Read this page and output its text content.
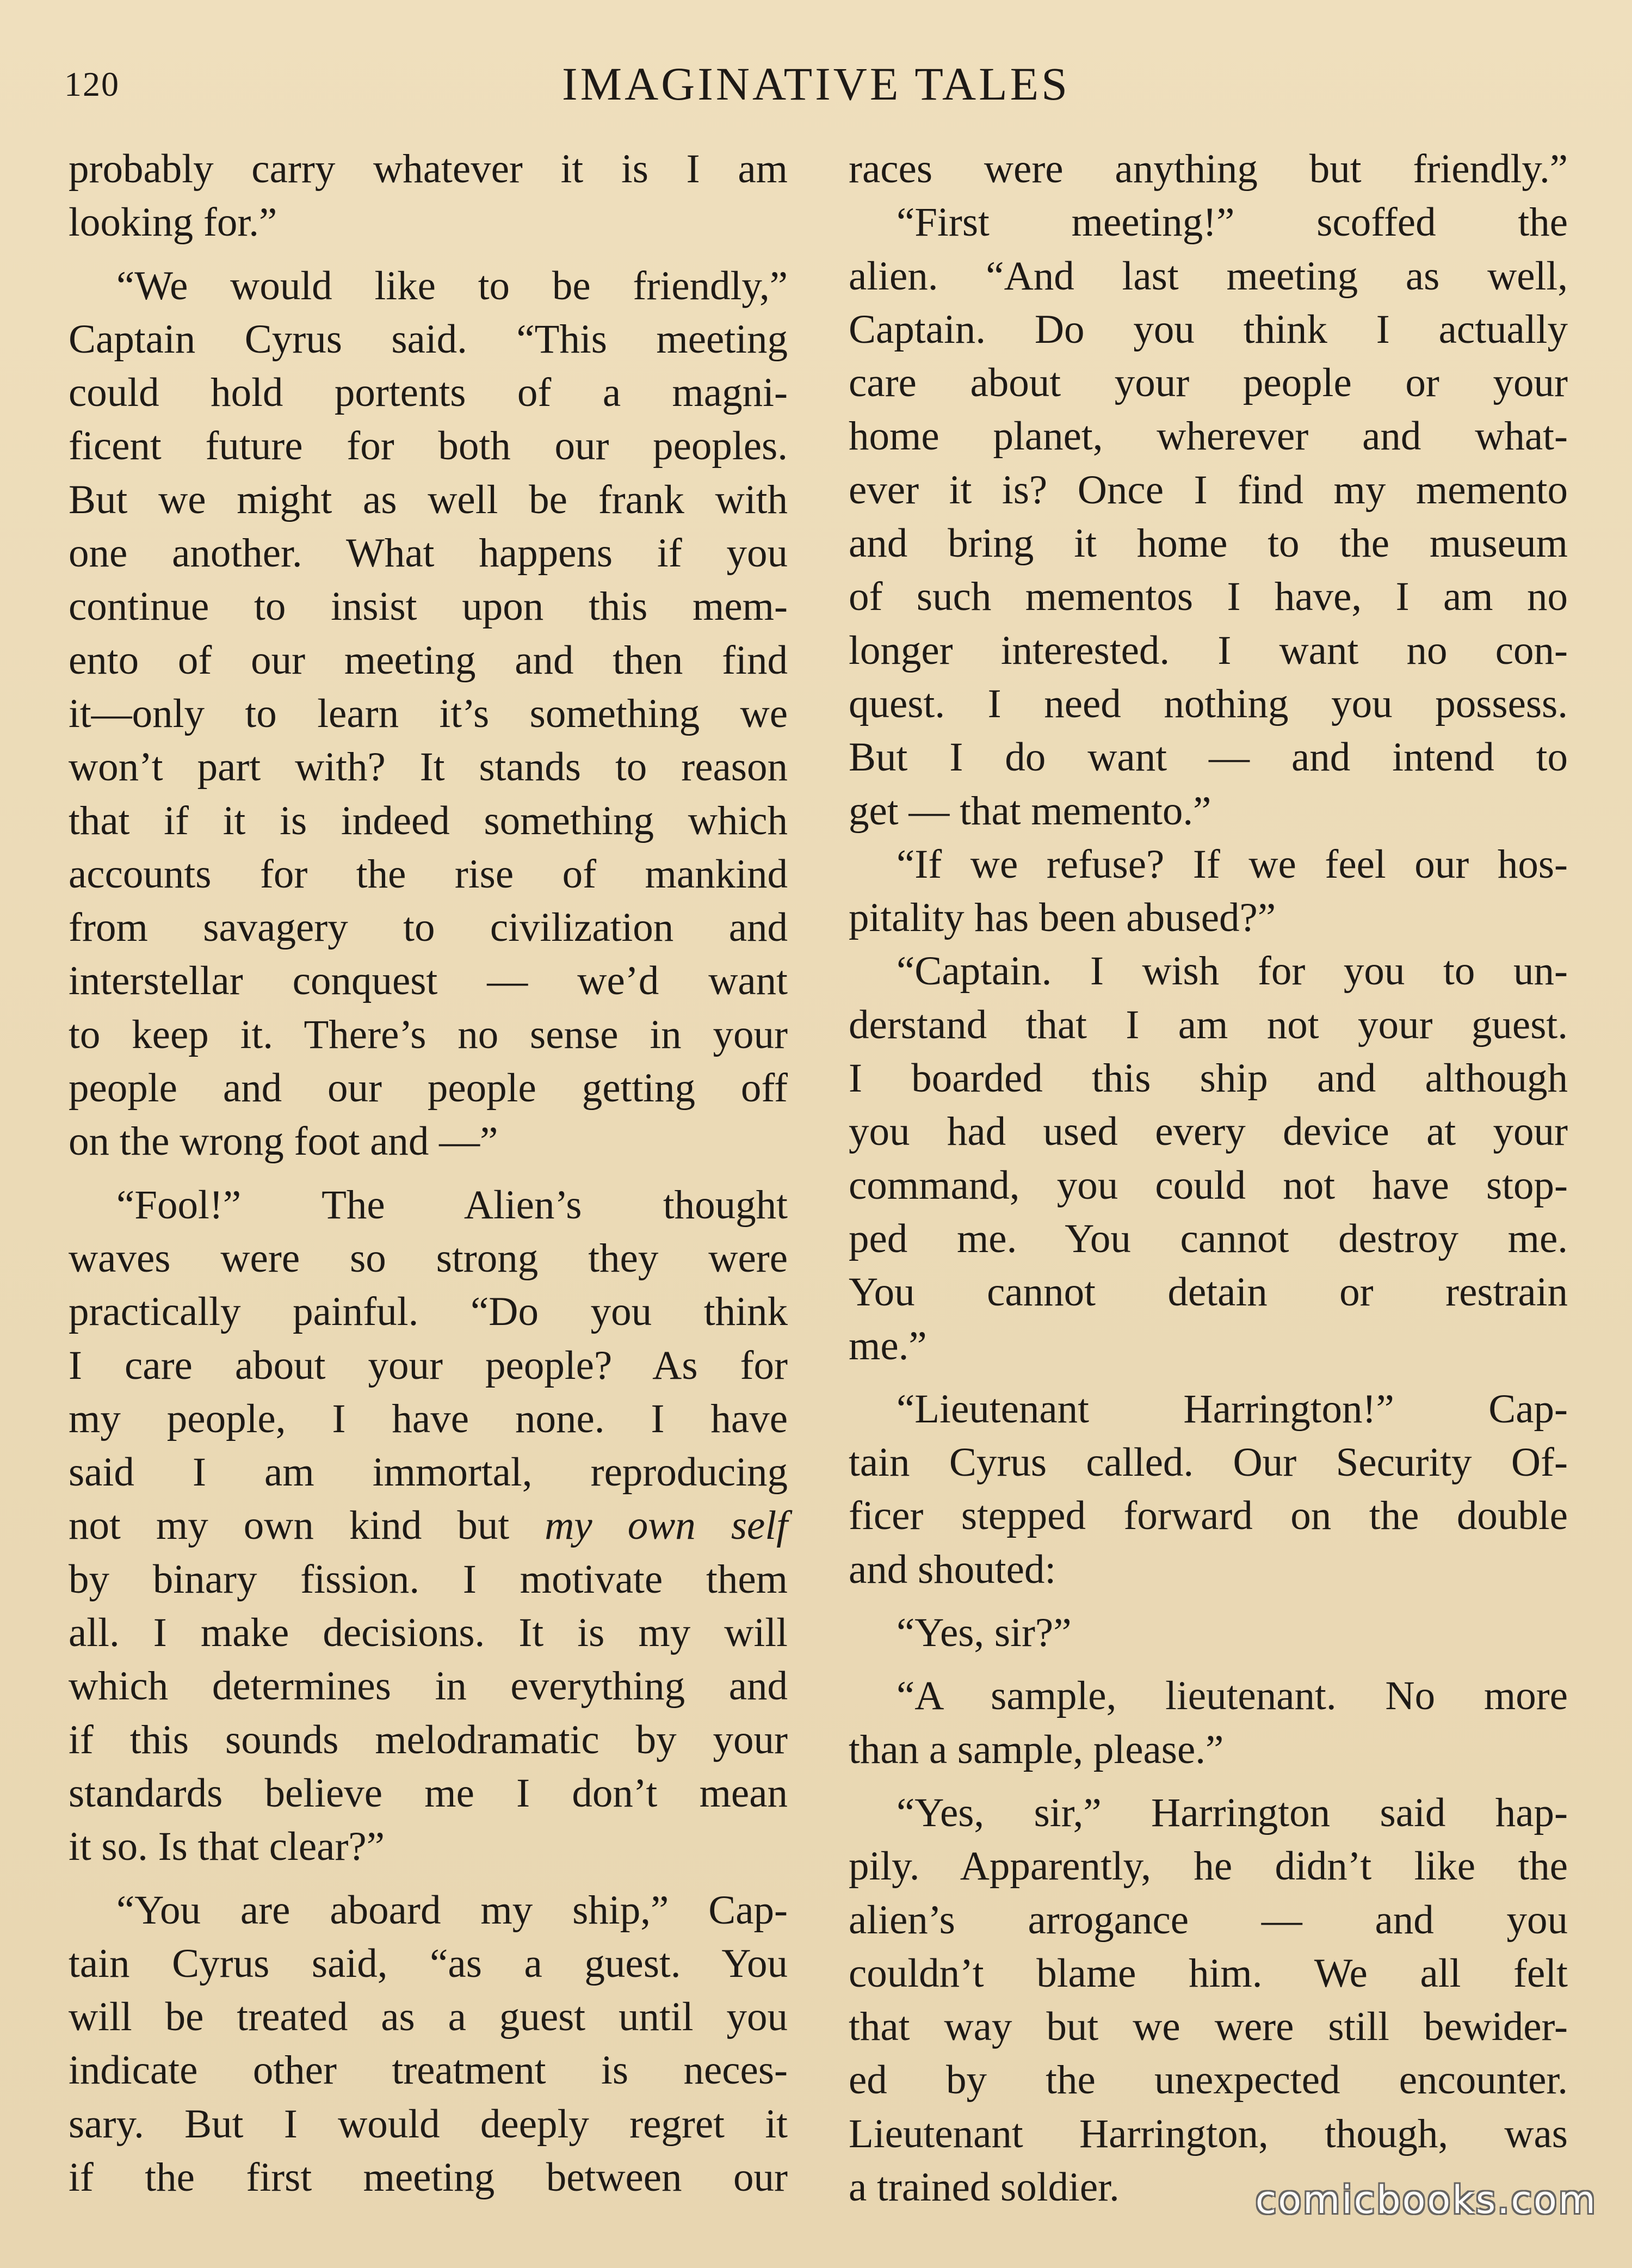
120	IMAGINATIVE TALES
probably carry whatever it is I am
looking for.”
“We would like to be friendly,”
Captain Cyrus said. “This meeting
could hold portents of a magni-
ficent future for both our peoples.
But we might as well be frank with
one another. What happens if you
continue to insist upon this mem-
ento of our meeting and then find
it—only to learn it’s something we
won’t part with? It stands to reason
that if it is indeed something which
accounts for the rise of mankind
from savagery to civilization and
interstellar conquest — we’d want
to keep it. There’s no sense in your
people and our people getting off
on the wrong foot and —”
“Fool!” The Alien’s thought
waves were so strong they were
practically painful. “Do you think
I care about your people? As for
my people, I have none. I have
said I am immortal, reproducing
not my own kind but my own self
by binary fission. I motivate them
all. I make decisions. It is my will
which determines in everything and
if this sounds melodramatic by your
standards believe me I don’t mean
it so. Is that clear?”
“You are aboard my ship,” Cap-
tain Cyrus said, “as a guest. You
will be treated as a guest until you
indicate other treatment is neces-
sary. But I would deeply regret it
if the first meeting between our
races were anything but friendly.”
“First meeting!” scoffed the
alien. “And last meeting as well,
Captain. Do you think I actually
care about your people or your
home planet, wherever and what-
ever it is? Once I find my memento
and bring it home to the museum
of such mementos I have, I am no
longer interested. I want no con-
quest. I need nothing you possess.
But I do want — and intend to
get — that memento.”
“If we refuse? If we feel our hos-
pitality has been abused?”
“Captain. I wish for you to un-
derstand that I am not your guest.
I boarded this ship and although
you had used every device at your
command, you could not have stop-
ped me. You cannot destroy me.
You cannot detain or restrain
me.”
“Lieutenant Harrington!” Cap-
tain Cyrus called. Our Security Of-
ficer stepped forward on the double
and shouted:
“Yes, sir?”
“A sample, lieutenant. No more
than a sample, please.”
“Yes, sir,” Harrington said hap-
pily. Apparently, he didn’t like the
alien’s arrogance — and you
couldn’t blame him. We all felt
that way but we were still bewider-
ed by the unexpected encounter.
Lieutenant Harrington, though, was
a trained soldier.	comicbooks.com
